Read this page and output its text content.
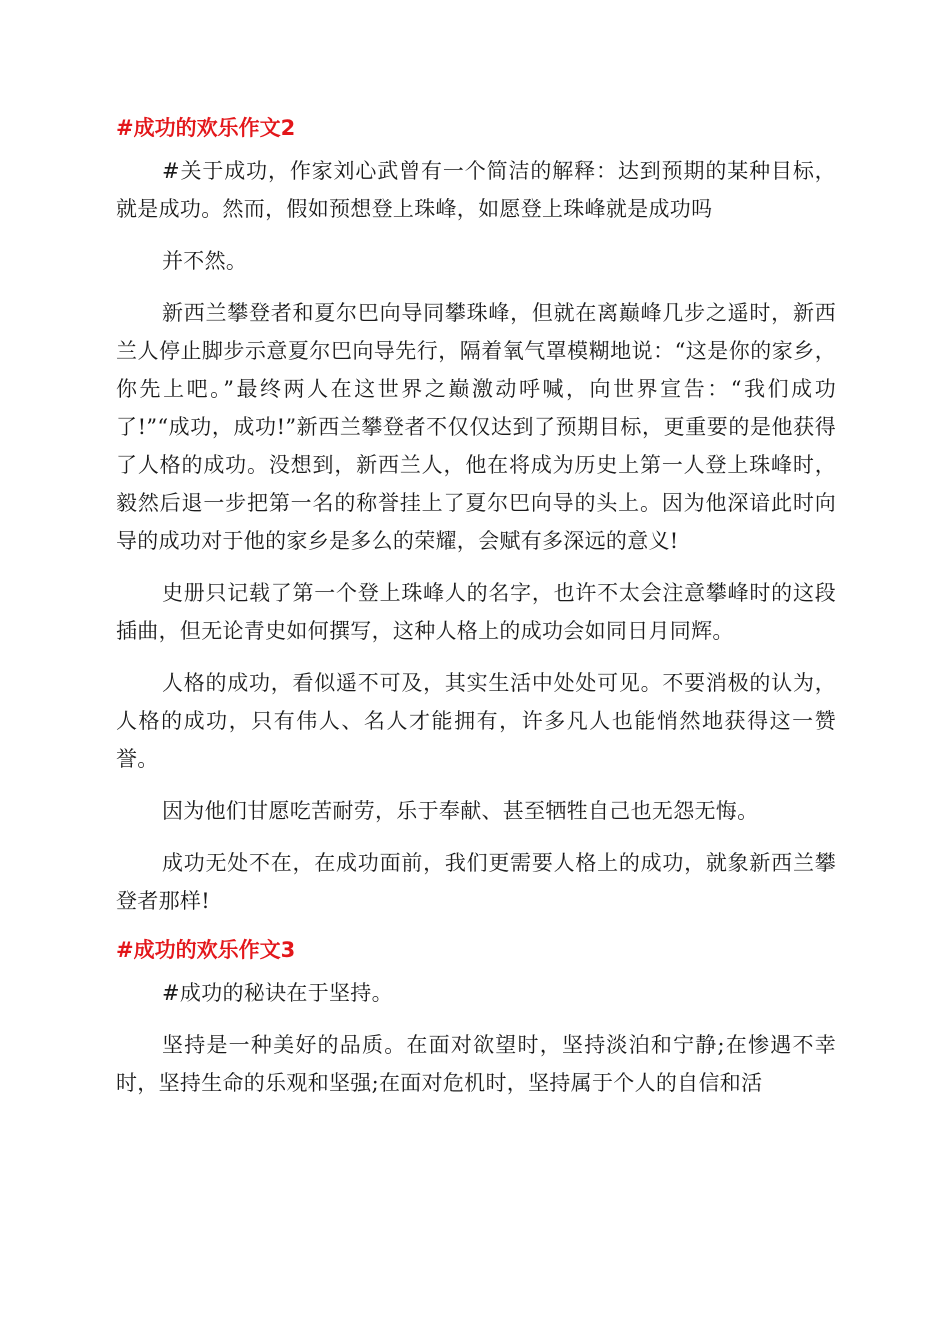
#成功的欢乐作文2

#关于成功，作家刘心武曾有一个简洁的解释：达到预期的某种目标，就是成功。然而，假如预想登上珠峰，如愿登上珠峰就是成功吗

并不然。

新西兰攀登者和夏尔巴向导同攀珠峰，但就在离巅峰几步之遥时，新西兰人停止脚步示意夏尔巴向导先行，隔着氧气罩模糊地说：“这是你的家乡，你先上吧。”最终两人在这世界之巅激动呼喊，向世界宣告：“我们成功了!”“成功，成功!”新西兰攀登者不仅仅达到了预期目标，更重要的是他获得了人格的成功。没想到，新西兰人，他在将成为历史上第一人登上珠峰时，毅然后退一步把第一名的称誉挂上了夏尔巴向导的头上。因为他深谙此时向导的成功对于他的家乡是多么的荣耀，会赋有多深远的意义!

史册只记载了第一个登上珠峰人的名字，也许不太会注意攀峰时的这段插曲，但无论青史如何撰写，这种人格上的成功会如同日月同辉。

人格的成功，看似遥不可及，其实生活中处处可见。不要消极的认为，人格的成功，只有伟人、名人才能拥有，许多凡人也能悄然地获得这一赞誉。

因为他们甘愿吃苦耐劳，乐于奉献、甚至牺牲自己也无怨无悔。

成功无处不在，在成功面前，我们更需要人格上的成功，就象新西兰攀登者那样!

#成功的欢乐作文3

#成功的秘诀在于坚持。

坚持是一种美好的品质。在面对欲望时，坚持淡泊和宁静;在惨遇不幸时，坚持生命的乐观和坚强;在面对危机时，坚持属于个人的自信和活
